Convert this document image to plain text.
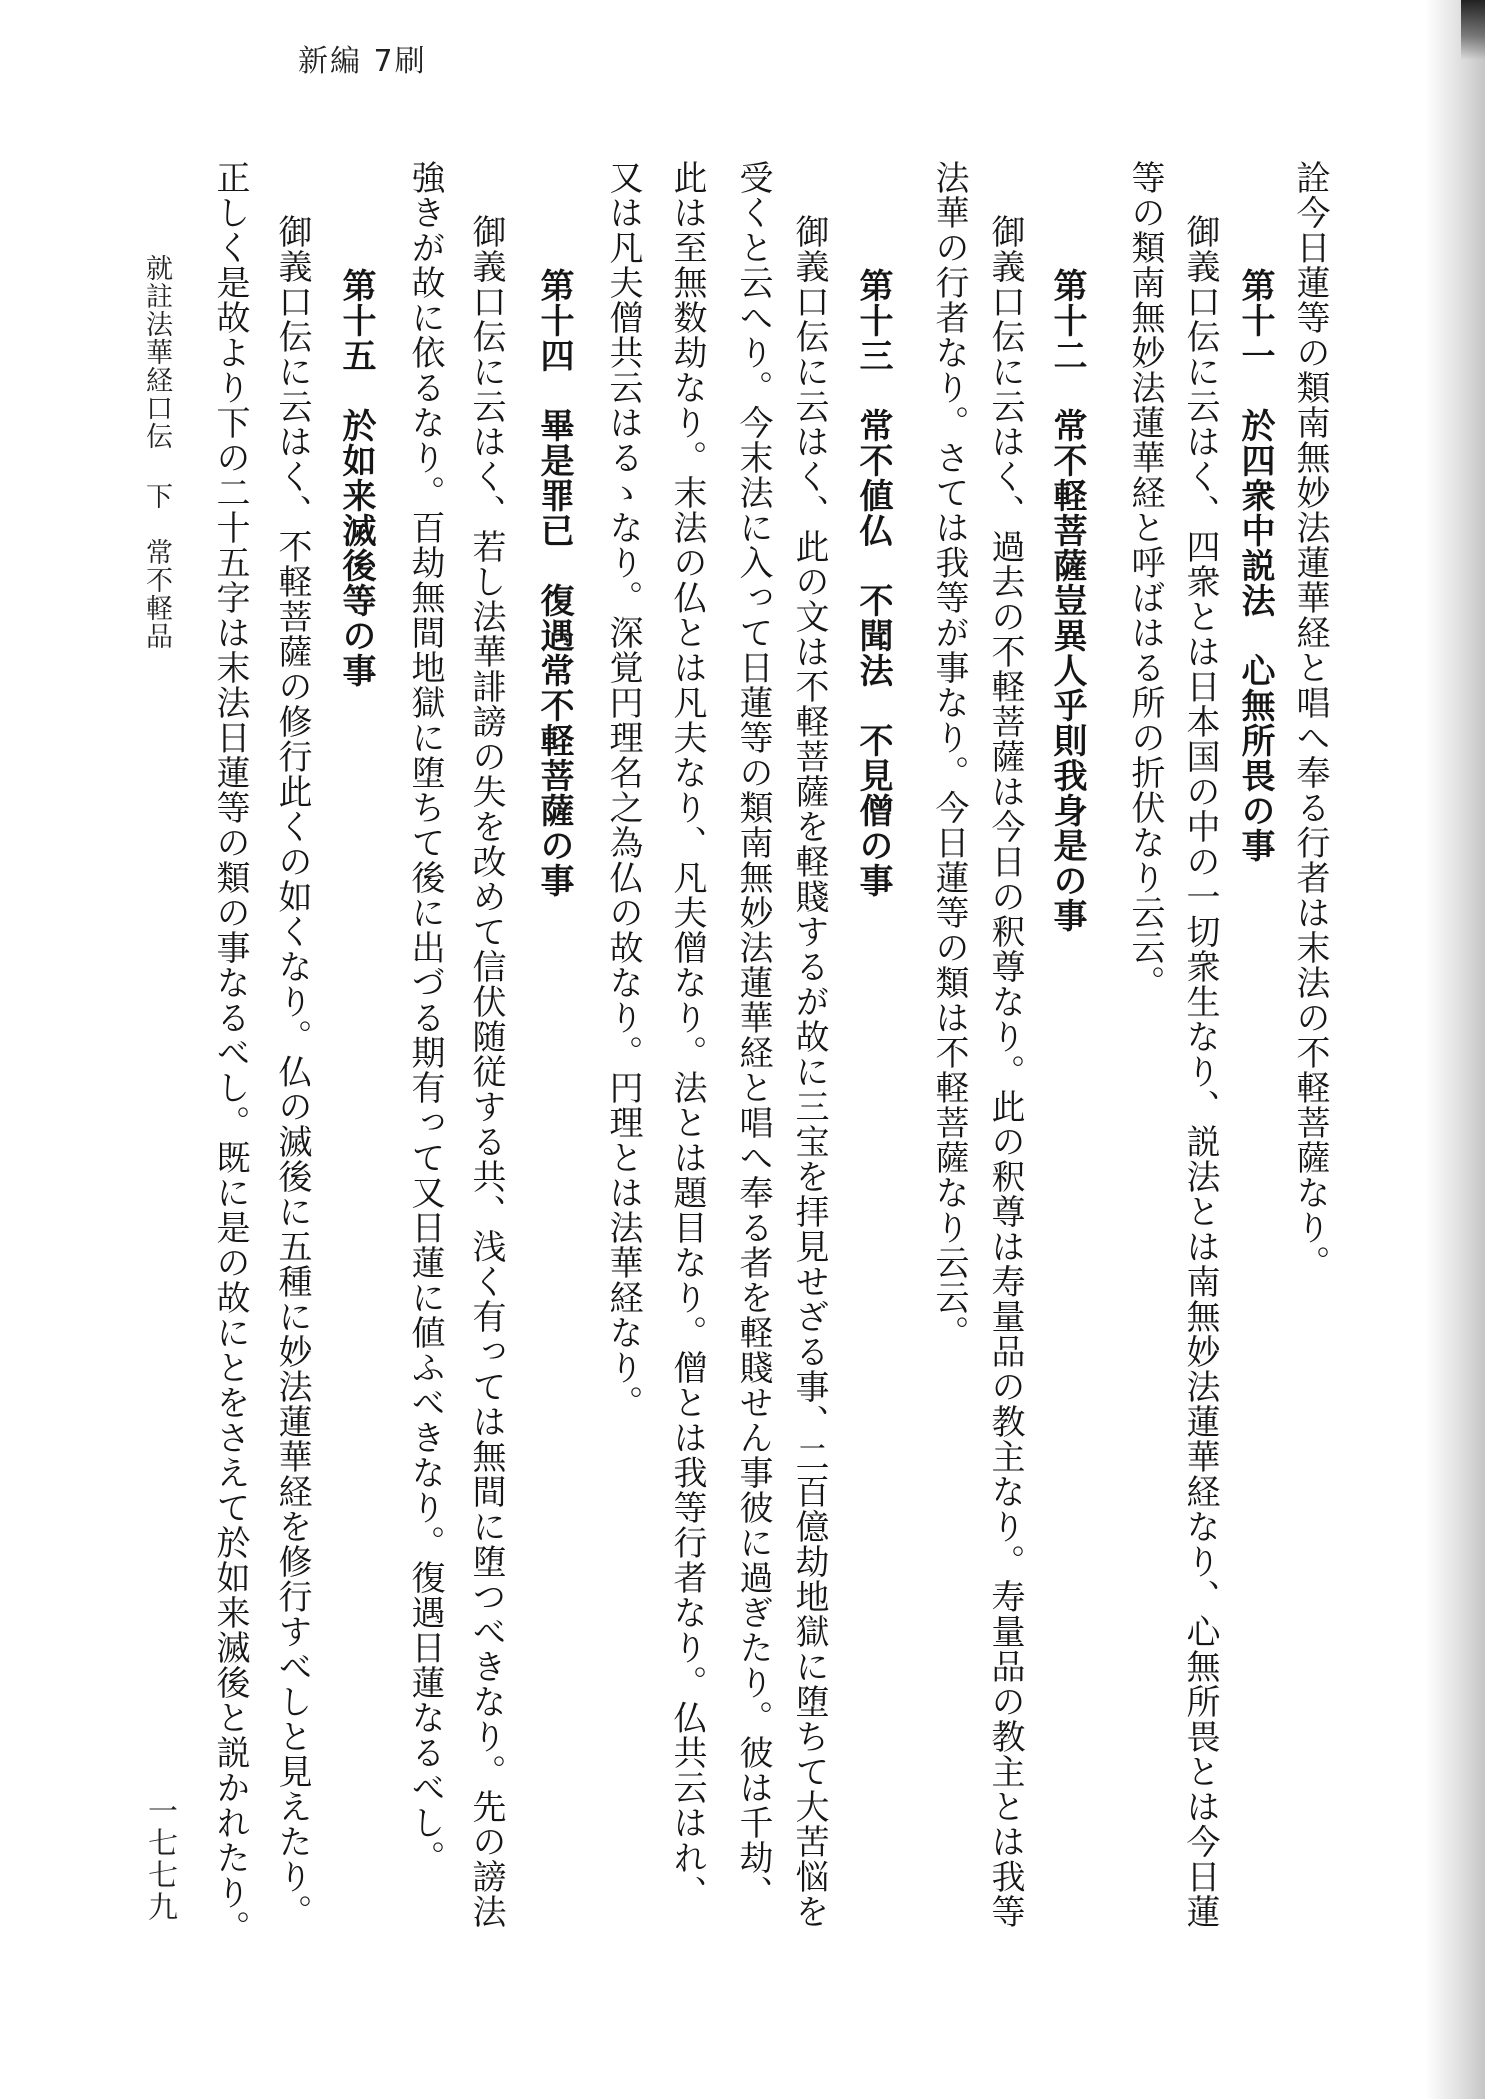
新編 7刷
詮今日蓮等の類南無妙法蓮華経と唱へ奉る行者は末法の不軽菩薩なり。
第十一　於四衆中説法　心無所畏の事
御義口伝に云はく、四衆とは日本国の中の一切衆生なり、説法とは南無妙法蓮華経なり、心無所畏とは今日蓮
等の類南無妙法蓮華経と呼ばはる所の折伏なり云云。
第十二　常不軽菩薩豈異人乎則我身是の事
御義口伝に云はく、過去の不軽菩薩は今日の釈尊なり。此の釈尊は寿量品の教主なり。寿量品の教主とは我等
法華の行者なり。さては我等が事なり。今日蓮等の類は不軽菩薩なり云云。
第十三　常不値仏　不聞法　不見僧の事
御義口伝に云はく、此の文は不軽菩薩を軽賤するが故に三宝を拝見せざる事、二百億劫地獄に堕ちて大苦悩を
受くと云へり。今末法に入って日蓮等の類南無妙法蓮華経と唱へ奉る者を軽賤せん事彼に過ぎたり。彼は千劫、
此は至無数劫なり。末法の仏とは凡夫なり、凡夫僧なり。法とは題目なり。僧とは我等行者なり。仏共云はれ、
又は凡夫僧共云はるゝなり。深覚円理名之為仏の故なり。円理とは法華経なり。
第十四　畢是罪已　復遇常不軽菩薩の事
御義口伝に云はく、若し法華誹謗の失を改めて信伏随従する共、浅く有っては無間に堕つべきなり。先の謗法
強きが故に依るなり。百劫無間地獄に堕ちて後に出づる期有って又日蓮に値ふべきなり。復遇日蓮なるべし。
第十五　於如来滅後等の事
御義口伝に云はく、不軽菩薩の修行此くの如くなり。仏の滅後に五種に妙法蓮華経を修行すべしと見えたり。
正しく是故より下の二十五字は末法日蓮等の類の事なるべし。既に是の故にとをさえて於如来滅後と説かれたり。
就註法華経口伝 下　常不軽品
一七七九
